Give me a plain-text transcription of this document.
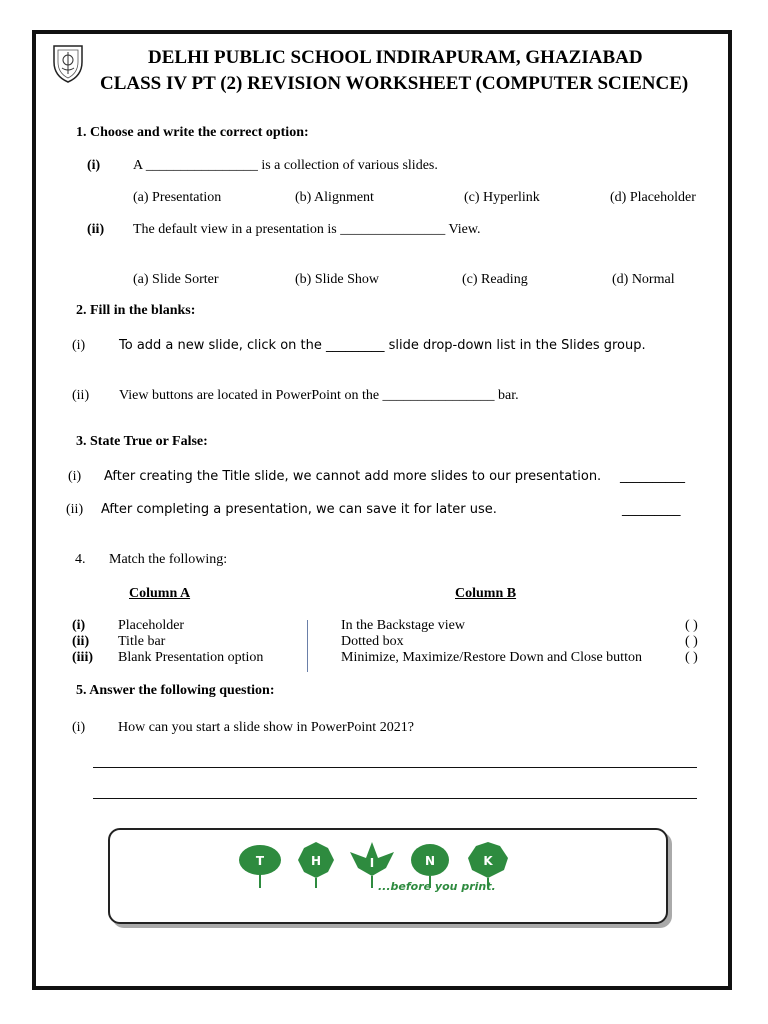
DELHI PUBLIC SCHOOL INDIRAPURAM, GHAZIABAD
CLASS IV PT (2) REVISION WORKSHEET (COMPUTER SCIENCE)
1. Choose and write the correct option:
(i) A ________________ is a collection of various slides.
(a) Presentation	(b) Alignment	(c) Hyperlink	(d) Placeholder
(ii) The default view in a presentation is _______________ View.
(a) Slide Sorter	(b) Slide Show	(c) Reading	(d) Normal
2. Fill in the blanks:
(i)	To add a new slide, click on the _________ slide drop-down list in the Slides group.
(ii) View buttons are located in PowerPoint on the ________________ bar.
3. State True or False:
(i) After creating the Title slide, we cannot add more slides to our presentation. __________
(ii) After completing a presentation, we can save it for later use.	_________
4. Match the following:
Column A	Column B
(i) Placeholder	In the Backstage view	( )
(ii) Title bar	Dotted box	( )
(iii) Blank Presentation option	Minimize, Maximize/Restore Down and Close button	( )
5. Answer the following question:
(i) How can you start a slide show in PowerPoint 2021?
T	H	I	N	K
...before you print.
